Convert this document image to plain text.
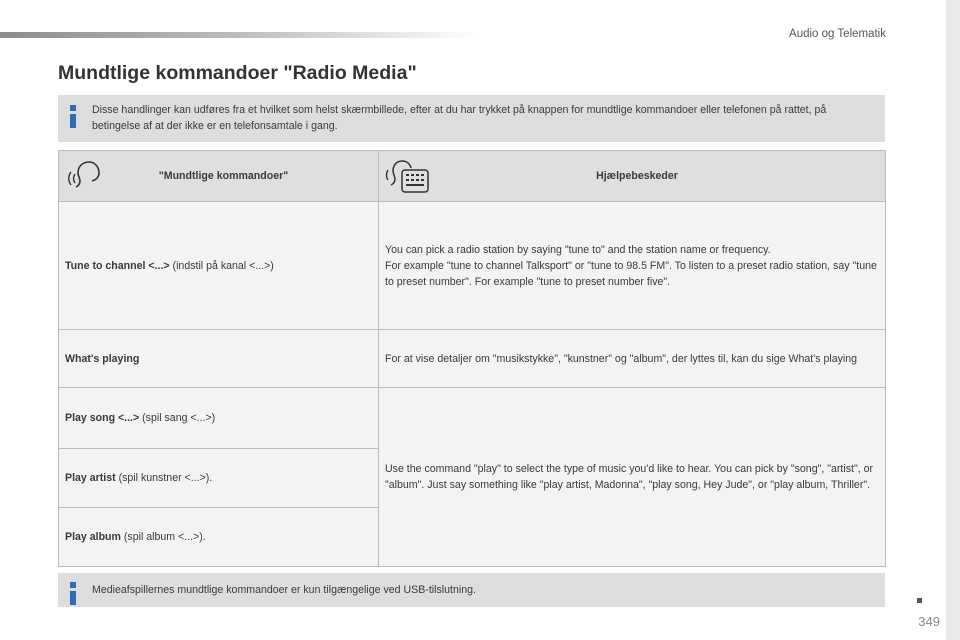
Audio og Telematik
Mundtlige kommandoer "Radio Media"
Disse handlinger kan udføres fra et hvilket som helst skærmbillede, efter at du har trykket på knappen for mundtlige kommandoer eller telefonen på rattet, på betingelse af at der ikke er en telefonsamtale i gang.
"Mundtlige kommandoer"	Hjælpebeskeder

Tune to channel <...> (indstil på kanal <...>)	You can pick a radio station by saying "tune to" and the station name or frequency.
For example "tune to channel Talksport" or "tune to 98.5 FM". To listen to a preset radio station, say "tune to preset number". For example "tune to preset number five".

What's playing	For at vise detaljer om "musikstykke", "kunstner" og "album", der lyttes til, kan du sige What's playing

Play song <...> (spil sang <...>)	Use the command "play" to select the type of music you'd like to hear. You can pick by "song", "artist", or "album". Just say something like "play artist, Madonna", "play song, Hey Jude", or "play album, Thriller".

Play artist (spil kunstner <...>).	
Play album (spil album <...>).	
Medieafspillernes mundtlige kommandoer er kun tilgængelige ved USB-tilslutning.
349
